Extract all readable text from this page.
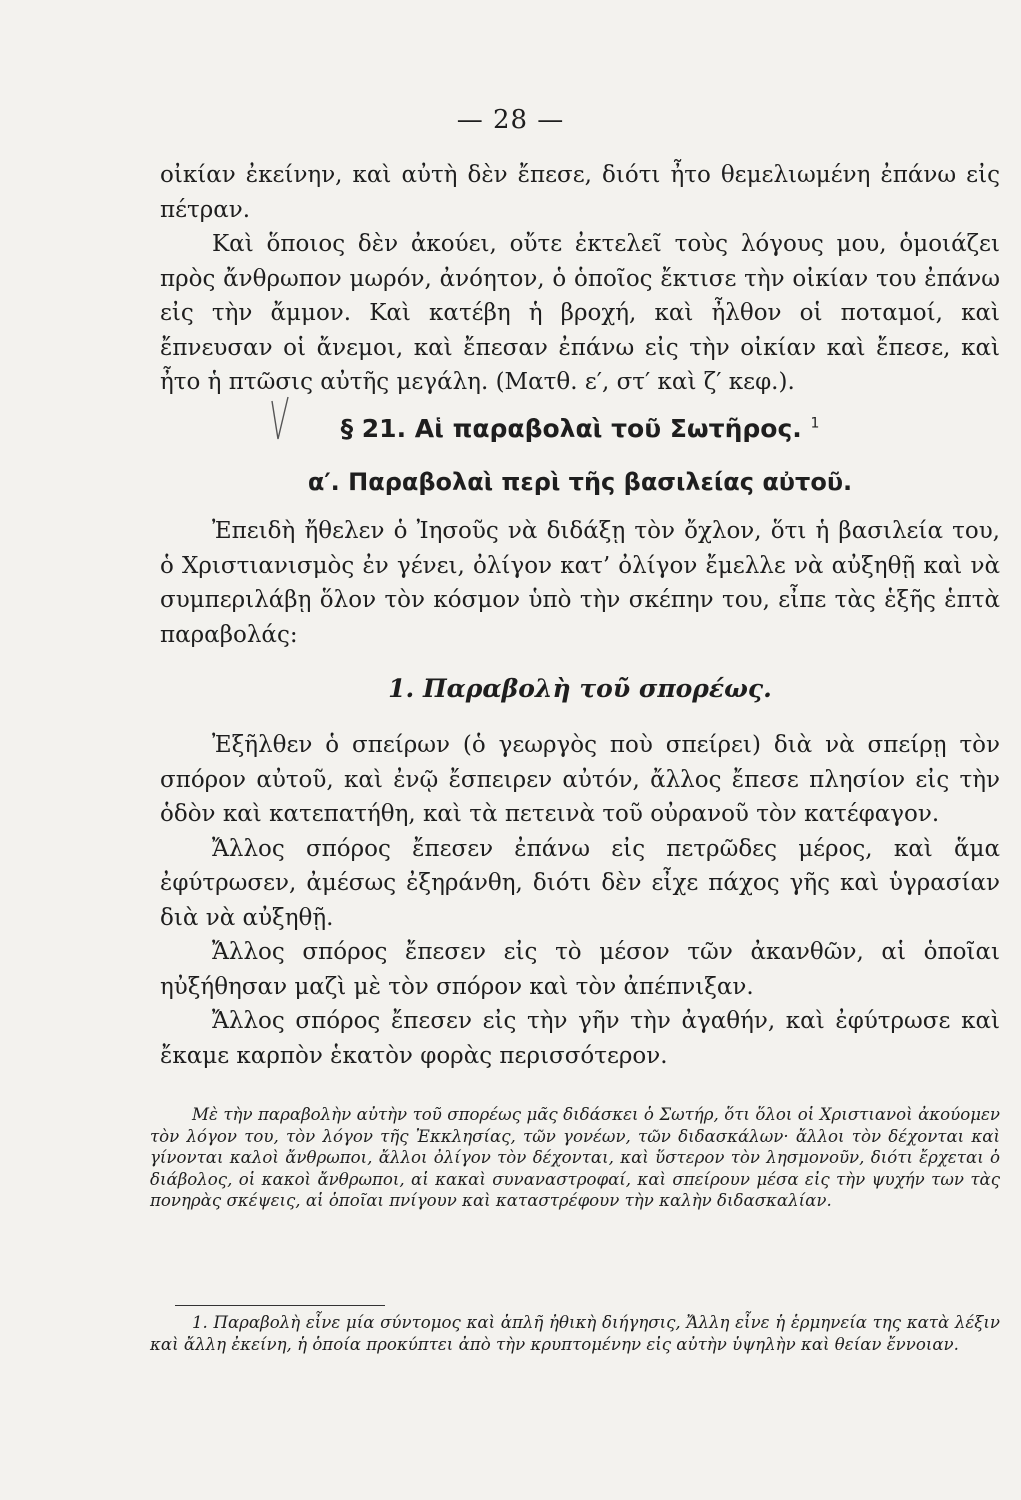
— 28 —

οἰκίαν ἐκείνην, καὶ αὐτὴ δὲν ἔπεσε, διότι ἦτο θεμελιωμένη ἐπάνω εἰς πέτραν.

Καὶ ὅποιος δὲν ἀκούει, οὔτε ἐκτελεῖ τοὺς λόγους μου, ὁμοιάζει πρὸς ἄνθρωπον μωρόν, ἀνόητον, ὁ ὁποῖος ἔκτισε τὴν οἰκίαν του ἐπάνω εἰς τὴν ἄμμον. Καὶ κατέβη ἡ βροχή, καὶ ἦλθον οἱ ποταμοί, καὶ ἔπνευσαν οἱ ἄνεμοι, καὶ ἔπεσαν ἐπάνω εἰς τὴν οἰκίαν καὶ ἔπεσε, καὶ ἦτο ἡ πτῶσις αὐτῆς μεγάλη. (Ματθ. ε′, στ′ καὶ ζ′ κεφ.).

§ 21. Αἱ παραβολαὶ τοῦ Σωτῆρος. $^1$
α′. Παραβολαὶ περὶ τῆς βασιλείας αὐτοῦ.

Ἐπειδὴ ἤθελεν ὁ Ἰησοῦς νὰ διδάξῃ τὸν ὄχλον, ὅτι ἡ βασιλεία του, ὁ Χριστιανισμὸς ἐν γένει, ὀλίγον κατ’ ὀλίγον ἔμελλε νὰ αὐξηθῇ καὶ νὰ συμπεριλάβῃ ὅλον τὸν κόσμον ὑπὸ τὴν σκέπην του, εἶπε τὰς ἑξῆς ἑπτὰ παραβολάς:

1. Παραβολὴ τοῦ σπορέως.

Ἐξῆλθεν ὁ σπείρων (ὁ γεωργὸς ποὺ σπείρει) διὰ νὰ σπείρῃ τὸν σπόρον αὐτοῦ, καὶ ἐνῷ ἔσπειρεν αὐτόν, ἄλλος ἔπεσε πλησίον εἰς τὴν ὁδὸν καὶ κατεπατήθη, καὶ τὰ πετεινὰ τοῦ οὐρανοῦ τὸν κατέφαγον.

Ἄλλος σπόρος ἔπεσεν ἐπάνω εἰς πετρῶδες μέρος, καὶ ἅμα ἐφύτρωσεν, ἀμέσως ἐξηράνθη, διότι δὲν εἶχε πάχος γῆς καὶ ὑγρασίαν διὰ νὰ αὐξηθῇ.

Ἄλλος σπόρος ἔπεσεν εἰς τὸ μέσον τῶν ἀκανθῶν, αἱ ὁποῖαι ηὐξήθησαν μαζὶ μὲ τὸν σπόρον καὶ τὸν ἀπέπνιξαν.

Ἄλλος σπόρος ἔπεσεν εἰς τὴν γῆν τὴν ἀγαθήν, καὶ ἐφύτρωσε καὶ ἔκαμε καρπὸν ἑκατὸν φορὰς περισσότερον.

Μὲ τὴν παραβολὴν αὐτὴν τοῦ σπορέως μᾶς διδάσκει ὁ Σωτήρ, ὅτι ὅλοι οἱ Χριστιανοὶ ἀκούομεν τὸν λόγον του, τὸν λόγον τῆς Ἐκκλησίας, τῶν γονέων, τῶν διδασκάλων· ἄλλοι τὸν δέχονται καὶ γίνονται καλοὶ ἄνθρωποι, ἄλλοι ὀλίγον τὸν δέχονται, καὶ ὕστερον τὸν λησμονοῦν, διότι ἔρχεται ὁ διάβολος, οἱ κακοὶ ἄνθρωποι, αἱ κακαὶ συναναστροφαί, καὶ σπείρουν μέσα εἰς τὴν ψυχήν των τὰς πονηρὰς σκέψεις, αἱ ὁποῖαι πνίγουν καὶ καταστρέφουν τὴν καλὴν διδασκαλίαν.

1. Παραβολὴ εἶνε μία σύντομος καὶ ἁπλῆ ἠθικὴ διήγησις, Ἄλλη εἶνε ἡ ἑρμηνεία της κατὰ λέξιν καὶ ἄλλη ἐκείνη, ἡ ὁποία προκύπτει ἀπὸ τὴν κρυπτομένην εἰς αὐτὴν ὑψηλὴν καὶ θείαν ἔννοιαν.
